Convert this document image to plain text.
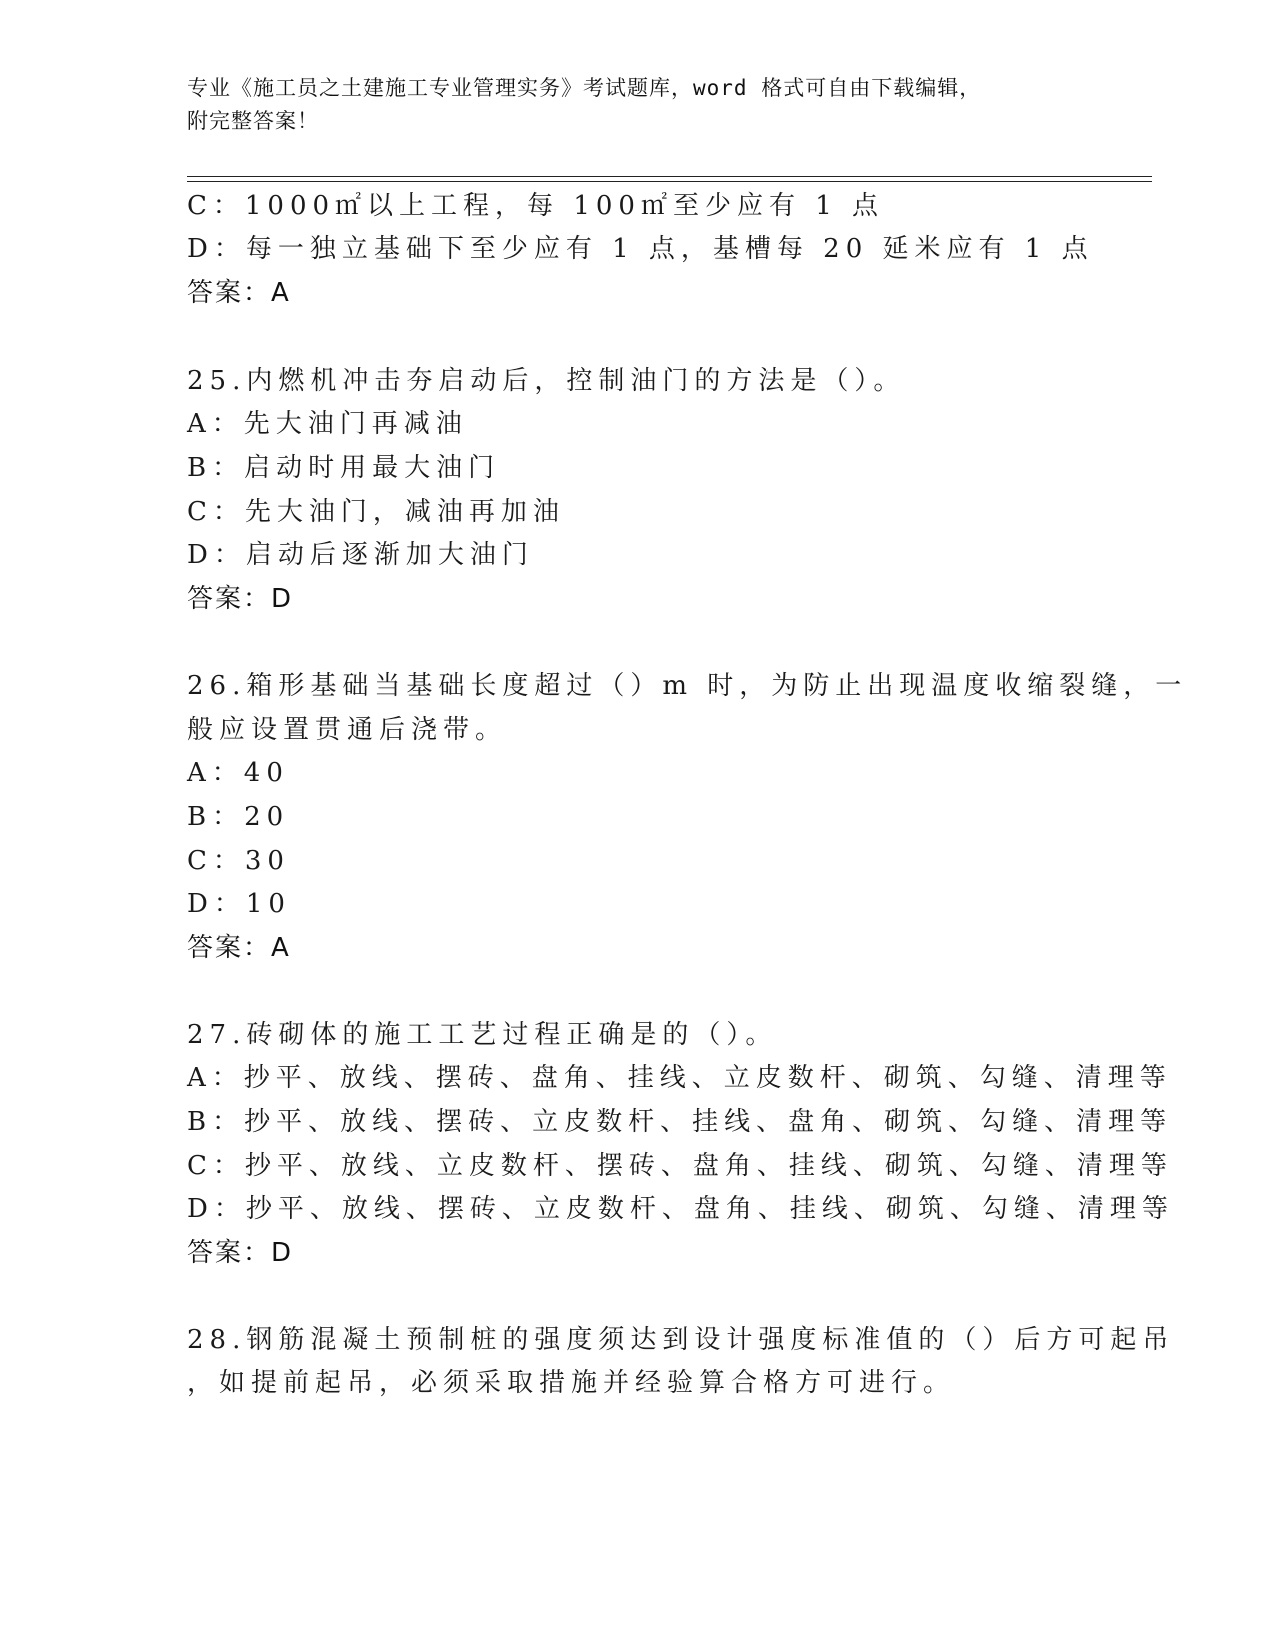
专业《施工员之土建施工专业管理实务》考试题库，word 格式可自由下载编辑，
附完整答案！
C：1000㎡以上工程，每 100㎡至少应有 1 点
D：每一独立基础下至少应有 1 点，基槽每 20 延米应有 1 点
答案：A
25.内燃机冲击夯启动后，控制油门的方法是（）。
A：先大油门再减油
B：启动时用最大油门
C：先大油门，减油再加油
D：启动后逐渐加大油门
答案：D
26.箱形基础当基础长度超过（）m 时，为防止出现温度收缩裂缝，一
般应设置贯通后浇带。
A：40
B：20
C：30
D：10
答案：A
27.砖砌体的施工工艺过程正确是的（）。
A：抄平、放线、摆砖、盘角、挂线、立皮数杆、砌筑、勾缝、清理等
B：抄平、放线、摆砖、立皮数杆、挂线、盘角、砌筑、勾缝、清理等
C：抄平、放线、立皮数杆、摆砖、盘角、挂线、砌筑、勾缝、清理等
D：抄平、放线、摆砖、立皮数杆、盘角、挂线、砌筑、勾缝、清理等
答案：D
28.钢筋混凝土预制桩的强度须达到设计强度标准值的（）后方可起吊
，如提前起吊，必须采取措施并经验算合格方可进行。
